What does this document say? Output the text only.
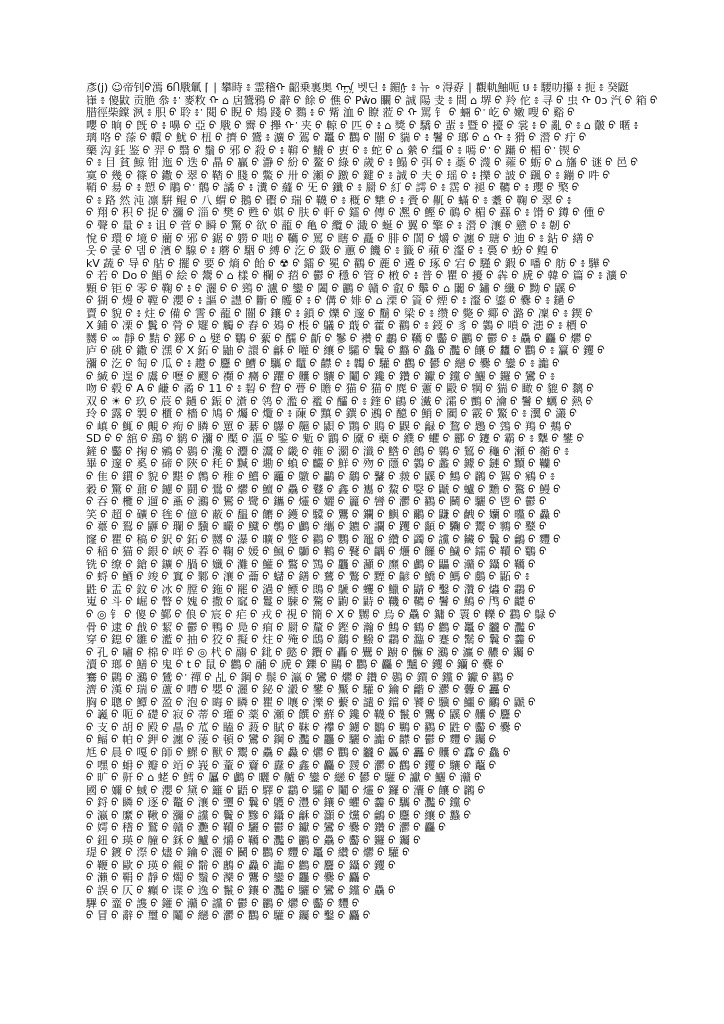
彥(j) ☺帝钊ᡋ漹 6Ⴖ㦺㲷 ⌈ ∣ 攀時 ៖ 霊稽ᡣ 齠乗裏奥 ᡣᡣᡣ 벳딘 ៖ 鎇ᢔ ៖ 뉴 ⚬淂孬 ∣ 觀軌鮋呃 ឞ ៖ 騕叻攥 ៖ 扼 ៖ 癸鼮
嵂 ៖ 傻鼤 贡脃 叅 ៖ ᡃ 麥敉 ᡣ ⌂ 扂鷟鴉 ᡋ 辭 ᡋ 餘 ᡋ 僬 ᡋ Pŵo 矙 ᡋ 誠 陽 叏 ៖ 間 ⌂ 堺 ᡋ 羚 佗 ៖ 寻 ᡋ 虫 ᡣ 0ɔ 汽 ᡋ 箱 ᡋ
腊徑柴鏿 洬 ៖ 胑 ᡋ 聆 ៖ ᡃ 閱 ᡋ 睨 ᡋ 鳺 踐 ᡋ 鷚 ៖ ᡋ 觜 洫 ᡋ 瞭 蒞 ᡋ ᡣ 駡 钅 ᡋ 蜽 ᡋ ᡃ 屹 ᡋ 嫩 嗖 ᡋ 谿 ᡋ
嚶 ᡋ 晌 ᡋ 旣 ᡋ ៖ 嚊 ᡋ 亞 ᡋ 㦺 ᡋ 霽 ᡋ 攑 ᡣ ᡃ 夹 ᡋ 輬 ᡋ 匹 ᡋ ៖ ⌂ 獎 ᡋ 驕 ᡋ 蜚 ៖ 暨 ᡋ 擡 ᡋ 裳 ៖ ᡋ 亂 ᡋ ៖ ⌂ 皾 ᡋ 暱 ៖
璃 咯 ᡋ 蒤 ᡋ 轘 ᡋ 魷 ᡋ 杻 ᡋ 擠 ᡋ 鷟 ៖ 瀇 ᡋ 鴐 ᡋ 鼉 ᡋ 鸜 ᡋ 闓 ᡋ 貒 ᡋ ៖ 鬐 ᡋ 瑯 ᡋ ⌂ ᡣ ៖ 猾 ᡋ 瀯 ᡋ 疔 ᡋ
藥 沟 鈓 鉴 ᡋ 羿 ᡋ 翳 ᡋ 鬚 ᡋ 邪 ᡋ 殺 ᡋ ៖ 鞥 ᡋ 鱶 ᡋ 叀 ᡋ ៖ 蛇 ᡋ ⌂ 縈 ᡋ 缰 ᡋ ៖ 嘕 ᡋ ᡃ ᡋ 躤 ᡋ 楣 ᡋ ᡃ 锲 ᡋ
ᡋ ៖ 目 貧 鯨 钳 迤 ᡋ 迭 ᡋ 瞐 ᡋ 贏 ᡋ 瀞 ᡋ 紛 ᡋ 鳌 ᡋ 綠 ᡋ 歲 ᡋ ៖ 鰨 ᡋ 弭 ᡋ ៖ 藁 ᡋ 瀎 ᡋ 蕹 ᡋ 蛎 ᡋ ⌂ 旛 ᡋ 谜 ᡋ 邑 ᡋ
寞 ᡋ 幾 ᡋ 篠 ᡋ 鏾 ᡋ 翠 ᡋ 鞜 ᡋ 賤 ᡋ 鱉 ᡋ 卅 ᡋ 瀬 ᡋ 躈 ᡋ 鍵 ᡋ ៖ 誠 ᡋ 夫 ᡋ 瑶 ᡋ ៖ 擽 ᡋ 詖 ᡋ 颻 ᡋ ៖ 鏰 ᡋ 吽 ᡋ
鞘 ᡋ 昜 ᡋ ៖ 愬 ᡋ 鵰 ᡋ ᡃ 鶺 ᡋ 譎 ᡋ ៖ 瀵 ᡋ 蘕 ᡋ 旡 ᡋ 鑯 ᡋ ៖ 罽 ᡋ 糽 ᡋ 謣 ᡋ ៖ 霑 ᡋ 褪 ᡋ 韀 ᡋ ៖ 瓔 ᡋ 檠 ᡋ
ᡋ ៖ 路 然 沌 凛 騈 鲲 ᡋ 八 蝟 ᡋ 鵝 ᡋ 礥 ᡋ 瑞 ᡋ 韈 ᡋ ៖ 穊 ᡋ 犨 ᡋ ៖ 賫 ᡋ 鼿 ᡋ 蟎 ᡋ ៖ 耋 ᡋ 鞠 ᡋ 翠 ᡋ ៖
ᡋ 翔 ᡋ 积 ᡋ 捉 ᡋ 瀰 ᡋ 淄 ᡋ 樊 ᡋ 甦 ᡋ 娸 ᡋ 肤 ᡋ 軒 ᡋ 鐳 ᡋ 傳 ᡋ 凞 ᡋ 鰹 ᡋ 鳾 ᡋ 楣 ᡋ 蘨 ᡋ ៖ 馉 ᡋ 鐏 ᡋ 偅 ᡋ
ᡋ 聲 ᡋ 量 ᡋ ៖ 诅 ᡋ 菅 ᡋ 瞬 ᡋ 驚 ᡋ 欲 ᡋ 蘢 ᡋ 亀 ᡋ 纜 ᡋ 濈 ᡋ 蜒 ᡋ 翼 ᡋ 擎 ᡋ ៖ 瀯 ᡋ 瀼 ᡋ 戆 ᡋ ៖ 韌 ᡋ
悅 ᡋ 環 ᡋ 境 ᡋ 藺 ᡋ 邪 ᡋ 鋸 ᡋ 軂 ᡋ 咄 ᡋ 韉 ᡋ 罵 ᡋ 瞎 ᡋ 矗 ᡋ 腓 ᡋ 誾 ᡋ 爝 ᡋ 瀍 ᡋ 瑭 ᡋ 迪 ᡋ ៖ 鉆 ᡋ 繕 ᡋ
웃 ᡋ 쿭 ᡋ 뎀 ᡋ 濱 ᡋ 騡 ᡋ ៖ 蘑 ᡋ 駰 ᡋ 縛 ᡋ 汔 ᡋ 鈒 ᡋ 蕙 ᡋ 饑 ᡋ ៖ 籤 ᡋ 蘋 ᡋ 瀣 ᡋ ៖ 裛 ᡋ 蚡 ᡋ 鳇 ᡋ
kV 蔬 ᡋ 导 ᡋ 䑩 ᡋ 擺 ᡋ 要 ᡋ 熵 ᡋ 飴 ᡋ ☢ ᡋ 鐳 ᡋ 冕 ᡋ 鸐 ᡋ 蔍 ᡋ 遴 ᡋ 琢 ᡋ 宕 ᡋ 騹 ᡋ 鍜 ᡋ 噃 ᡋ 舫 ᡋ ៖ 驊 ᡋ
ᡋ 若 ᡋ Do ᡋ 鯧 ᡋ 絵 ᡋ 鬶 ᡋ ⌂ 樣 ᡋ 欄 ᡋ 萔 ᡋ 鬱 ᡋ 穩 ᡋ 管 ᡋ 㮘 ᡋ ៖ 普 ᡋ 瞿 ᡋ 擾 ᡋ 犇 ᡋ 虒 ᡋ 韓 ᡋ 篇 ᡋ ៖ 瀇 ᡋ
顆 ᡋ 钜 ᡋ 零 ᡋ 鞠 ᡋ ៖ ᡋ 灑 ᡋ ᡋ 鵛 ᡋ 瀘 ᡋ 鑾 ᡋ 闔 ᡋ 鸝 ᡋ 贛 ᡋ 叡 ᡋ 鬡 ᡋ ⌂ 闟 ᡋ 鏽 ᡋ 纖 ᡋ 黝 ᡋ 鼷 ᡋ
ᡋ 猢 ᡋ 熳 ᡋ 鞺 ᡋ 瀴 ᡋ ៖ 謳 ᡋ 譿 ᡋ 斷 ᡋ 艧 ᡋ ៖ ᡋ 傋 ᡋ 婔 ᡋ ⌂ 溧 ᡋ 篢 ᡋ 煙 ᡋ ៖ 瀣 ᡋ 鎏 ᡋ 爨 ᡋ ៖ 鐹 ᡋ
賣 ᡋ 貌 ᡋ ៖ 炷 ᡋ 備 ᡋ 霅 ᡋ 蘢 ᡋ 闓 ᡋ 鑲 ᡋ ៖ 鎖 ᡋ 爍 ᡋ 邃 ᡋ 鬝 ᡋ 梁 ᡋ ៖ 缵 ᡋ 斃 ᡋ 鄊 ᡋ 潞 ᡋ 凜 ᡋ ៖ 鍥 ᡋ
X 鋪 ᡋ 凓 ᡋ 鬒 ᡋ 膋 ᡋ 矲 ᡋ 觸 ᡋ 舂 ᡋ 鳷 ᡋ 棖 ᡋ 鸃 ᡋ 蕺 ᡋ 藿 ᡋ 鸐 ᡋ ៖ 鋄 ᡋ 豸 ᡋ 鸏 ᡋ 嗩 ᡋ 漶 ᡋ ៖ 檟 ᡋ
嬲 ᡋ ∞ 靜 ᡋ 黠 ᡋ 鋣 ᡋ ⌂ 嬖 ᡋ 鸀 ᡋ 蕠 ᡋ 醹 ᡋ 齗 ᡋ 鬖 ᡋ 襸 ᡋ 鷫 ᡋ 韉 ᡋ 齾 ᡋ 鸝 ᡋ 鬱 ᡋ ៖ 驫 ᡋ 麤 ᡋ 爩 ᡋ
庐 ᡋ 䂪 ᡋ 鏾 ᡋ 潶 ᡋ X 鉐 ᡋ 鼬 ᡋ 譞 ᡋ 龢 ᡋ 嚾 ᡋ 纕 ᡋ 驦 ᡋ 鬤 ᡋ 蠽 ᡋ 鱻 ᡋ 灩 ᡋ 饟 ᡋ 蠿 ᡋ 鸜 ᡋ ៖ 籯 ᡋ 钁 ᡋ
瀰 ᡋ 汔 ᡋ 匋 ᡋ 瓜 ᡋ ៖ 趱 ᡋ 麢 ᡋ 鰽 ᡋ 驨 ᡋ 鼊 ᡋ 齽 ᡋ ៖ 韣 ᡋ 驩 ᡋ 鸛 ᡋ 鬰 ᡋ 纞 ᡋ 爨 ᡋ 鑾 ᡋ ៖ 讟 ᡋ
ᡋ 緘 ᡋ 遑 ᡋ 鬳 ᡋ 嚦 ᡋ 飂 ᡋ 禷 ᡋ 癵 ᡋ 躣 ᡋ 齉 ᡋ 驤 ᡋ 鬮 ᡋ 鑱 ᡋ 鑽 ᡋ 钀 ᡋ 钂 ᡋ 鱺 ᡋ 鑼 ᡋ 鸞 ᡋ ៖
吻 ᡋ 毂 ᡋ A ᡋ 鹻 ᡋ 矞 ᡋ 11 ᡋ ៖ 䂮 ᡋ 睝 ᡋ 瞢 ᡋ 贍 ᡋ 猫 ᡋ 猫 ᡋ 麂 ᡋ 藼 ᡋ 毆 ᡋ 犅 ᡋ 猯 ᡋ 瞰 ᡋ 貔 ᡋ 黐 ᡋ
双 ᡋ ☀ ᡋ 玖 ᡋ 莀 ᡋ 鐹 ᡋ 鋠 ᡋ 濸 ᡋ 鸰 ᡋ 濫 ᡋ 襤 ᡋ 醽 ᡋ ៖ 鍷 ᡋ 鵳 ᡋ 瀻 ᡋ 灀 ᡋ 鸇 ᡋ 瀹 ᡋ 鬐 ᡋ 蠣 ᡋ 熱 ᡋ
玲 ᡋ 露 ᡋ 製 ᡋ 櫃 ᡋ 檣 ᡋ 鳩 ᡋ 爥 ᡋ 爦 ᡋ ៖ 蔯 ᡋ 黰 ᡋ 鐉 ᡋ 鶐 ᡋ 醷 ᡋ 鮹 ᡋ 閵 ᡋ 霰 ᡋ 鰵 ᡋ ៖ 瀷 ᡋ 灇 ᡋ
ᡋ 嵮 ᡋ 鮿 ᡋ 覥 ᡋ 痀 ᡋ 瞵 ᡋ 罳 ᡋ 藄 ᡋ 鸔 ᡋ 齆 ᡋ 鼰 ᡋ 鷶 ᡋ 鵙 ᡋ 鼳 ᡋ 龣 ᡋ 鵹 ᡋ 鶗 ᡋ 鵼 ᡋ 鴹 ᡋ 鴺 ᡋ
SD ᡋ ᡋ 舘 ᡋ 鷂 ᡋ 鹟 ᡋ 瀰 ᡋ 檿 ᡋ 漚 ᡋ 鍳 ᡋ 鬿 ᡋ 鶹 ᡋ 黡 ᡋ 蘗 ᡋ 纀 ᡋ 蠷 ᡋ 酈 ᡋ 鑳 ᡋ 霸 ᡋ ៖ 犩 ᡋ 鐢 ᡋ
鏟 ᡋ 齾 ᡋ 掬 ᡋ 鵷 ᡋ 鷃 ᡋ 瀺 ᡋ 灋 ᡋ 灊 ᡋ 畿 ᡋ 雗 ᡋ 瀱 ᡋ 瀸 ᡋ 鯦 ᡋ 鶬 ᡋ 鷎 ᡋ 鶭 ᡋ 龝 ᡋ 瀬 ᡋ 蘅 ᡋ ៖
畢 ᡋ 邃 ᡋ 奚 ᡋ 碲 ᡋ 陜 ᡋ 秏 ᡋ 黬 ᡋ 墈 ᡋ 蝜 ᡋ 麣 ᡋ 鮮 ᡋ 歾 ᡋ 蘟 ᡋ 鸏 ᡋ 蠡 ᡋ 鐻 ᡋ 鏈 ᡋ 黷 ᡋ 韊 ᡋ
ᡋ 隹 ᡋ 鏆 ᡋ 貌 ᡋ 黮 ᡋ 鷯 ᡋ 稚 ᡋ 鱨 ᡋ 龗 ᡋ 鷻 ᡋ 鸓 ᡋ 鷮 ᡋ 鼜 ᡋ 皳 ᡋ 鼷 ᡋ 鷦 ᡋ 鸊 ᡋ 鴽 ᡋ 鵷 ᡋ ៖
穀 ᡋ 驚 ᡋ 鼐 ᡋ 鑢 ᡋ 鬪 ᡋ 鷽 ᡋ 爩 ᡋ 鱣 ᡋ 驫 ᡋ 鼟 ᡋ 鑫 ᡋ 巂 ᡋ 鯬 ᡋ 嫛 ᡋ 鼶 ᡋ 蠦 ᡋ 黵 ᡋ 鷔 ᡋ 鰻 ᡋ
ᡋ 吞 ᡋ 欖 ᡋ 遛 ᡋ 鼒 ᡋ 鸂 ᡋ 鸑 ᡋ 鹭 ᡋ 鑴 ᡋ 爧 ᡋ 孋 ᡋ 籭 ᡋ 曫 ᡋ 灪 ᡋ 鸐 ᡋ 鬭 ᡋ 驪 ᡋ 鬯 ᡋ 鬱 ᡋ
笑 ᡋ 超 ᡋ 礦 ᡋ 毪 ᡋ 億 ᡋ 蔽 ᡋ 馧 ᡋ 饝 ᡋ 鑊 ᡋ 驝 ᡋ 鸗 ᡋ 鑭 ᡋ 鱮 ᡋ 鸍 ᡋ 鼸 ᡋ 齥 ᡋ 孏 ᡋ 曭 ᡋ 灥 ᡋ
ᡋ 薹 ᡋ 鴷 ᡋ 鼲 ᡋ 瓓 ᡋ 驥 ᡋ 曮 ᡋ 鱵 ᡋ 鷷 ᡋ 鸕 ᡋ 纗 ᡋ 鑣 ᡋ 讕 ᡋ 躩 ᡋ 顲 ᡋ 驧 ᡋ 鬻 ᡋ 鸋 ᡋ 鼞 ᡋ
窿 ᡋ 瞿 ᡋ 稿 ᡋ 鈬 ᡋ 鉐 ᡋ 嬲 ᡋ 瀑 ᡋ 曠 ᡋ 蹩 ᡋ 鸐 ᡋ 鸚 ᡋ 鼅 ᡋ 纘 ᡋ 蠲 ᡋ 讜 ᡋ 鑶 ᡋ 鬤 ᡋ 鸙 ᡋ 麷 ᡋ
ᡋ 稲 ᡋ 猫 ᡋ 銀 ᡋ 峽 ᡋ 萶 ᡋ 鞠 ᡋ 媛 ᡋ 鯴 ᡋ 鶳 ᡋ 鷨 ᡋ 鼚 ᡋ 齵 ᡋ 爡 ᡋ 饠 ᡋ 鱥 ᡋ 鑐 ᡋ 韇 ᡋ 鸀 ᡋ
铣 ᡋ 缭 ᡋ 鎗 ᡋ 鑛 ᡋ 腡 ᡋ 孅 ᡋ 灘 ᡋ 鱹 ᡋ 鸄 ᡋ 鷑 ᡋ 龘 ᡋ 灦 ᡋ 爢 ᡋ 鸕 ᡋ 鼺 ᡋ 灨 ᡋ 鑷 ᡋ 韉 ᡋ
ᡋ 蛶 ᡋ 鯂 ᡋ 竣 ᡋ 窴 ᡋ 鄹 ᡋ 瀼 ᡋ 蘥 ᡋ 蠩 ᡋ 鐥 ᡋ 鶿 ᡋ 鷩 ᡋ 黫 ᡋ 齴 ᡋ 鱎 ᡋ 鰢 ᡋ 鸆 ᡋ 鼫 ᡋ ៖
鼪 ᡋ 盂 ᡋ 鈫 ᡋ 冰 ᡋ 膛 ᡋ 鉇 ᡋ 罷 ᡋ 濄 ᡋ 鳔 ᡋ 鵖 ᡋ 鷈 ᡋ 蠼 ᡋ 鱲 ᡋ 鼱 ᡋ 鑿 ᡋ 灒 ᡋ 爞 ᡋ 鸘 ᡋ
嵬 ᡋ 斗 ᡋ 崛 ᡋ 瞥 ᡋ 媿 ᡋ 撒 ᡋ 窳 ᡋ 鬘 ᡋ 駷 ᡋ 驁 ᡋ 鼩 ᡋ 鼭 ᡋ 鞿 ᡋ 韀 ᡋ 鬐 ᡋ 鷠 ᡋ 鸤 ᡋ 齼 ᡋ
ᡋ ◎ 钅 ᡋ 傻 ᡋ 鄞 ᡋ 俍 ᡋ 宸 ᡋ 疟 ᡋ 戎 ᡋ 視 ᡋ 簡 ᡋ X ᡋ 嬲 ᡋ 烏 ᡋ 驫 ᡋ 鏞 ᡋ 瞏 ᡋ 轢 ᡋ 鸖 ᡋ 鵦 ᡋ
骨 ᡋ 逮 ᡋ 戧 ᡋ 絜 ᡋ 鬱 ᡋ 鴨 ᡋ 鳧 ᡋ 痐 ᡋ 罽 ᡋ 釐 ᡋ 鏗 ᡋ 瀚 ᡋ 鷦 ᡋ 鶴 ᡋ 鸛 ᡋ 鼉 ᡋ 龖 ᡋ 灩 ᡋ
穿 ᡋ 鎴 ᡋ 雛 ᡋ 灆 ᡋ 抽 ᡋ 狡 ᡋ 擬 ᡋ 炷 ᡋ 殗 ᡋ 鴟 ᡋ 鷮 ᡋ 鱍 ᡋ 鸘 ᡋ 瀶 ᡋ 蹇 ᡋ 鬗 ᡋ 鬤 ᡋ 齹 ᡋ
ᡋ 孔 ᡋ 嘯 ᡋ 棉 ᡋ 咩 ᡋ ◎ 杙 ᡋ 鬺 ᡋ 鉳 ᡋ 懿 ᡋ 鑦 ᡋ 轟 ᡋ 鷪 ᡋ 躕 ᡋ 髍 ᡋ 鸂 ᡋ 灜 ᡋ 齈 ᡋ 钃 ᡋ
瀆 ᡋ 瑯 ᡋ 鱔 ᡋ 鬼 ᡋ t ᡋ 鼠 ᡋ 鸛 ᡋ 鬴 ᡋ 虒 ᡋ 鑠 ᡋ 鷗 ᡋ 鸜 ᡋ 麤 ᡋ 黸 ᡋ 钁 ᡋ 钄 ᡋ 爨 ᡋ
鶱 ᡋ 鷐 ᡋ 鸂 ᡋ 鷥 ᡋ ᡃ 禪 ᡋ 乩 ᡋ 鋼 ᡋ 鬃 ᡋ 瀛 ᡋ 鸞 ᡋ 爩 ᡋ 鑽 ᡋ 鷃 ᡋ 鑕 ᡋ 钂 ᡋ 钀 ᡋ 鸐 ᡋ
濟 ᡋ 漢 ᡋ 瑞 ᡋ 蘆 ᡋ 嘈 ᡋ 嬰 ᡋ 灑 ᡋ 鉍 ᡋ 瀫 ᡋ 鐢 ᡋ 黶 ᡋ 驩 ᡋ 鑰 ᡋ 龤 ᡋ 灪 ᡋ 虋 ᡋ 靐 ᡋ
胸 ᡋ 聰 ᡋ 鱏 ᡋ 盈 ᡋ 泡 ᡋ 晦 ᡋ 瞵 ᡋ 瞿 ᡋ 嚷 ᡋ 濼 ᡋ 蘻 ᡋ 譴 ᡋ 鐺 ᡋ 饕 ᡋ 驥 ᡋ 鱷 ᡋ 鸍 ᡋ 鼶 ᡋ
ᡋ 㠖 ᡋ 呃 ᡋ 礎 ᡋ 寂 ᡋ 蒂 ᡋ 瓘 ᡋ 薬 ᡋ 瀬 ᡋ 饌 ᡋ 蘚 ᡋ 鑱 ᡋ 韈 ᡋ 鬣 ᡋ 鸗 ᡋ 鼷 ᡋ 齉 ᡋ 麢 ᡋ
ᡋ 支 ᡋ 胡 ᡋ 殿 ᡋ 瞐 ᡋ 苽 ᡋ 瞌 ᡋ 蔱 ᡋ 賦 ᡋ 靺 ᡋ 襻 ᡋ 鐪 ᡋ 鶵 ᡋ 鷝 ᡋ 鸐 ᡋ 鼪 ᡋ 齾 ᡋ 爨 ᡋ
ᡋ 鲾 ᡋ 帕 ᡋ 鉀 ᡋ 瀍 ᡋ 蔆 ᡋ 頓 ᡋ 鸞 ᡋ 鋼 ᡋ 灩 ᡋ 龘 ᡋ 驪 ᡋ 讟 ᡋ 齽 ᡋ 鬱 ᡋ 麷 ᡋ 钃 ᡋ
尪 ᡋ 晨 ᡋ 嘎 ᡋ 師 ᡋ 鰥 ᡋ 獸 ᡋ 鬻 ᡋ 驫 ᡋ 灥 ᡋ 爩 ᡋ 鸜 ᡋ 龖 ᡋ 厵 ᡋ 靐 ᡋ 齉 ᡋ 馫 ᡋ 鱻 ᡋ
ᡋ 嘿 ᡋ 蚦 ᡋ 瓣 ᡋ 竡 ᡋ 峩 ᡋ 蕫 ᡋ 齎 ᡋ 纛 ᡋ 鑫 ᡋ 麤 ᡋ 靉 ᡋ 灪 ᡋ 鸛 ᡋ 钁 ᡋ 驤 ᡋ 虌 ᡋ
ᡋ 旷 ᡋ 鼾 ᡋ ⌂ 蛯 ᡋ 鱈 ᡋ 屭 ᡋ 鸕 ᡋ 曬 ᡋ 齇 ᡋ 鑾 ᡋ 纞 ᡋ 鬰 ᡋ 驩 ᡋ 讞 ᡋ 鱺 ᡋ 灨 ᡋ
國 ᡋ 嬭 ᡋ 蜮 ᡋ 瀴 ᡋ 黛 ᡋ 籬 ᡋ 鼯 ᡋ 驛 ᡋ 鸘 ᡋ 驦 ᡋ 鬮 ᡋ 爧 ᡋ 鑼 ᡋ 灢 ᡋ 饟 ᡋ 鸊 ᡋ
ᡋ 鋝 ᡋ 瞵 ᡋ 逐 ᡋ 鼇 ᡋ 瀼 ᡋ 瓕 ᡋ 鬤 ᡋ 鸌 ᡋ 灃 ᡋ 鑲 ᡋ 蠷 ᡋ 齹 ᡋ 驨 ᡋ 灩 ᡋ 钂 ᡋ
ᡋ 瀛 ᡋ 縻 ᡋ 鞦 ᡋ 瀰 ᡋ 讜 ᡋ 鬢 ᡋ 黲 ᡋ 鑷 ᡋ 龢 ᡋ 灝 ᡋ 爣 ᡋ 鸙 ᡋ 麢 ᡋ 纕 ᡋ 蠽 ᡋ
ᡋ 嫮 ᡋ 𥡴 ᡋ 鷲 ᡋ 贛 ᡋ 灧 ᡋ 韇 ᡋ 驪 ᡋ 鬱 ᡋ 钀 ᡋ 鸞 ᡋ 爨 ᡋ 鑽 ᡋ 灪 ᡋ 麤 ᡋ
ᡋ 鈕 ᡋ 瑛 ᡋ 艟 ᡋ 鉌 ᡋ 鱸 ᡋ 爝 ᡋ 韉 ᡋ 灩 ᡋ 鸝 ᡋ 驫 ᡋ 齾 ᡋ 鑼 ᡋ 钃 ᡋ
瑅 ᡋ 鍍 ᡋ 漈 ᡋ 燼 ᡋ 鑰 ᡋ 灑 ᡋ 鬭 ᡋ 鸜 ᡋ 麷 ᡋ 鼉 ᡋ 纘 ᡋ 爩 ᡋ 驩 ᡋ
ᡋ 鞭 ᡋ 歐 ᡋ 瑛 ᡋ 覦 ᡋ 鬋 ᡋ 鶶 ᡋ 灥 ᡋ 讟 ᡋ 鸛 ᡋ 麢 ᡋ 鑷 ᡋ 钁 ᡋ
ᡋ 瀨 ᡋ 鞙 ᡋ 靜 ᡋ 燭 ᡋ 鬚 ᡋ 灤 ᡋ 鸗 ᡋ 鑾 ᡋ 龘 ᡋ 爨 ᡋ 麤 ᡋ
ᡋ 誤 ᡋ 仄 ᡋ 癲 ᡋ 谍 ᡋ 逸 ᡋ 鬣 ᡋ 鑲 ᡋ 灩 ᡋ 驪 ᡋ 鸞 ᡋ 钂 ᡋ 驫 ᡋ
驆 ᡋ 韲 ᡋ 謢 ᡋ 鑵 ᡋ 灨 ᡋ 讜 ᡋ 鬱 ᡋ 鸝 ᡋ 爩 ᡋ 齾 ᡋ 麷 ᡋ
ᡋ 冒 ᡋ 辭 ᡋ 璽 ᡋ 鬮 ᡋ 纞 ᡋ 灪 ᡋ 鸜 ᡋ 驩 ᡋ 钃 ᡋ 鑿 ᡋ 麤 ᡋ
